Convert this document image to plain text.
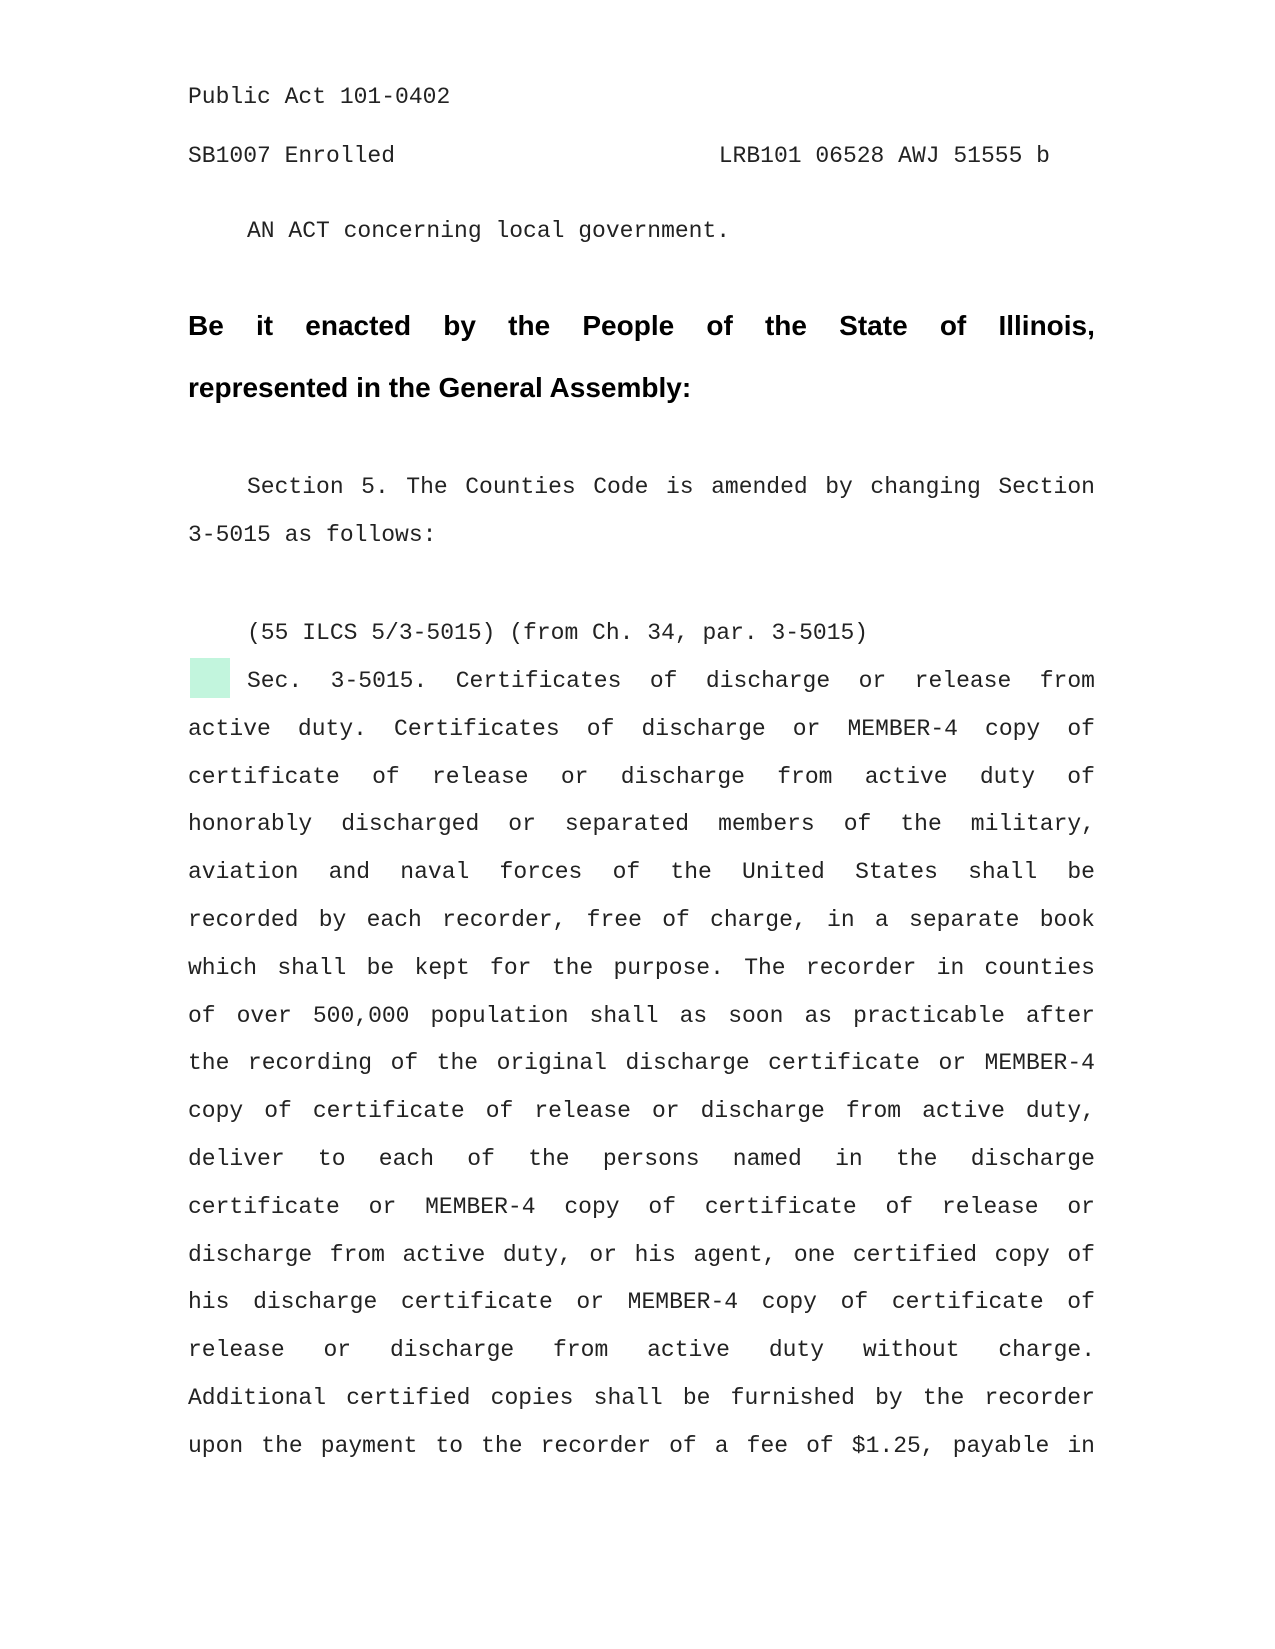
Public Act 101-0402
SB1007 Enrolled	LRB101 06528 AWJ 51555 b
AN ACT concerning local government.
Be it enacted by the People of the State of Illinois,
represented in the General Assembly:
Section 5. The Counties Code is amended by changing Section
3-5015 as follows:
(55 ILCS 5/3-5015) (from Ch. 34, par. 3-5015)
Sec. 3-5015. Certificates of discharge or release from
active duty. Certificates of discharge or MEMBER-4 copy of
certificate of release or discharge from active duty of
honorably discharged or separated members of the military,
aviation and naval forces of the United States shall be
recorded by each recorder, free of charge, in a separate book
which shall be kept for the purpose. The recorder in counties
of over 500,000 population shall as soon as practicable after
the recording of the original discharge certificate or MEMBER-4
copy of certificate of release or discharge from active duty,
deliver to each of the persons named in the discharge
certificate or MEMBER-4 copy of certificate of release or
discharge from active duty, or his agent, one certified copy of
his discharge certificate or MEMBER-4 copy of certificate of
release or discharge from active duty without charge.
Additional certified copies shall be furnished by the recorder
upon the payment to the recorder of a fee of $1.25, payable in
